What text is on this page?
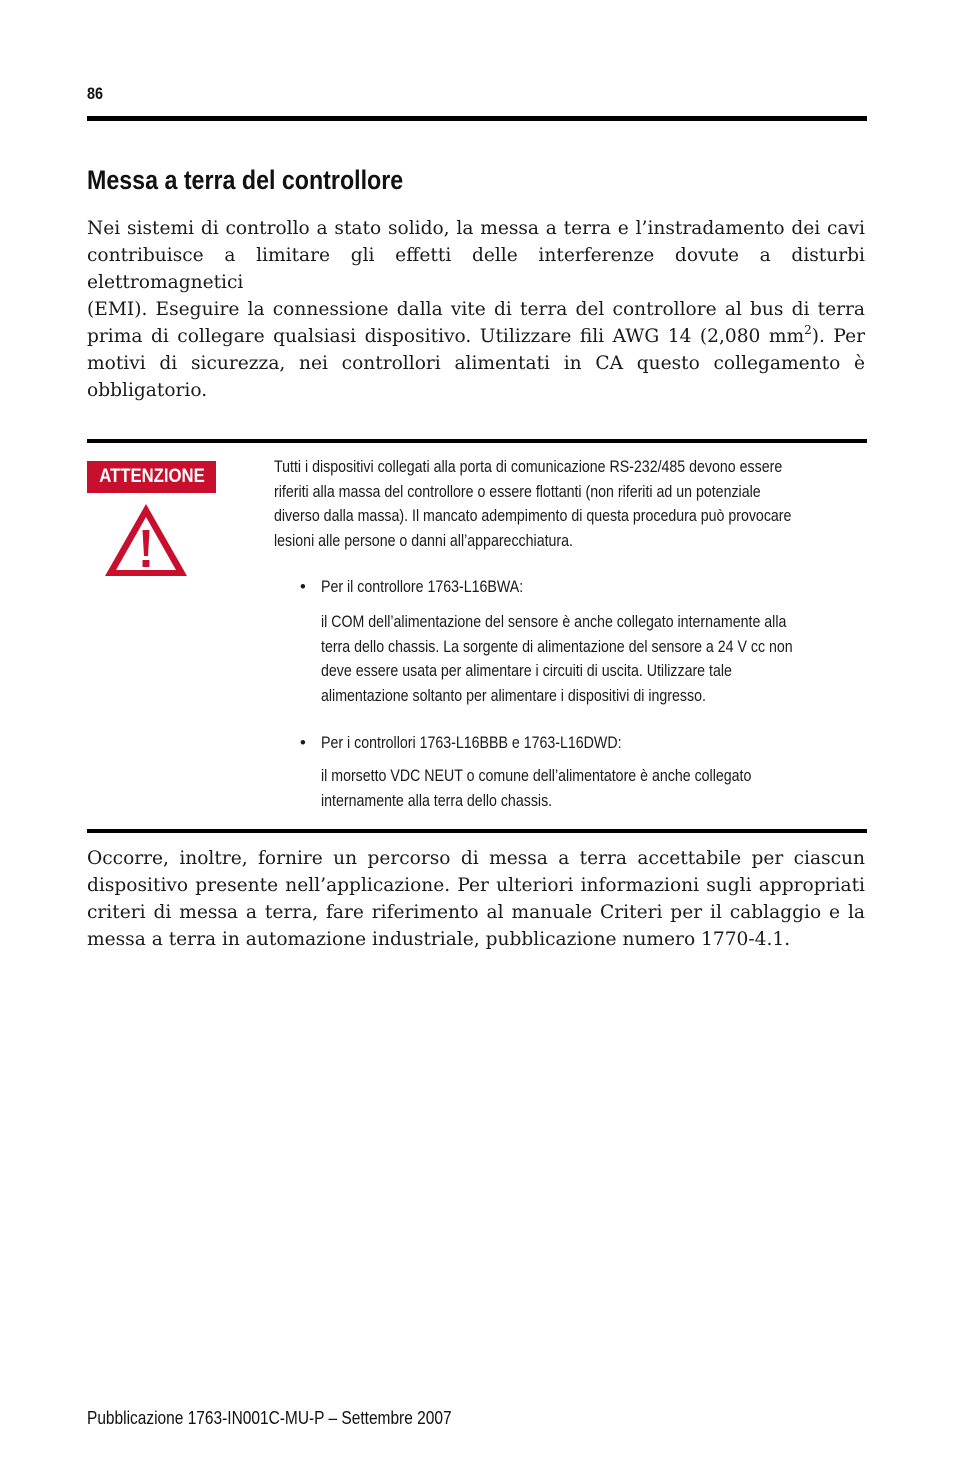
86
Messa a terra del controllore

Nei sistemi di controllo a stato solido, la messa a terra e l’instradamento dei cavi
contribuisce a limitare gli effetti delle interferenze dovute a disturbi elettromagnetici
(EMI). Eseguire la connessione dalla vite di terra del controllore al bus di terra
prima di collegare qualsiasi dispositivo. Utilizzare fili AWG 14 (2,080 $mm^2$). Per
motivi di sicurezza, nei controllori alimentati in CA questo collegamento è
obbligatorio.

ATTENZIONE	Tutti i dispositivi collegati alla porta di comunicazione RS-232/485 devono essere
riferiti alla massa del controllore o essere flottanti (non riferiti ad un potenziale
diverso dalla massa). Il mancato adempimento di questa procedura può provocare
lesioni alle persone o danni all’apparecchiatura.

• Per il controllore 1763-L16BWA:

il COM dell’alimentazione del sensore è anche collegato internamente alla
terra dello chassis. La sorgente di alimentazione del sensore a 24 V cc non
deve essere usata per alimentare i circuiti di uscita. Utilizzare tale
alimentazione soltanto per alimentare i dispositivi di ingresso.

• Per i controllori 1763-L16BBB e 1763-L16DWD:

il morsetto VDC NEUT o comune dell’alimentatore è anche collegato
internamente alla terra dello chassis.

Occorre, inoltre, fornire un percorso di messa a terra accettabile per ciascun
dispositivo presente nell’applicazione. Per ulteriori informazioni sugli appropriati
criteri di messa a terra, fare riferimento al manuale Criteri per il cablaggio e la
messa a terra in automazione industriale, pubblicazione numero 1770-4.1.

Pubblicazione 1763-IN001C-MU-P – Settembre 2007
